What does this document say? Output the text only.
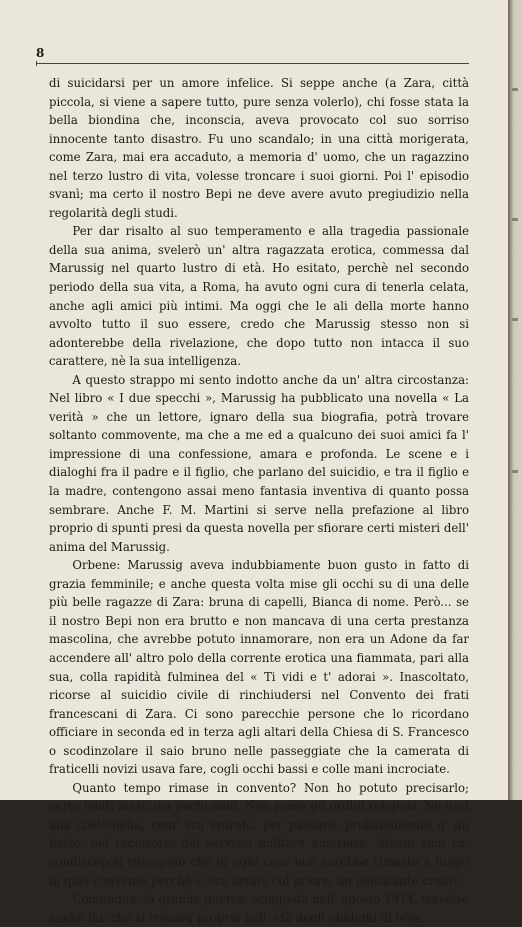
8

di suicidarsi per un amore infelice. Si seppe anche (a Zara, città piccola, si viene a sapere tutto, pure senza volerlo), chi fosse stata la bella biondina che, inconscia, aveva provocato col suo sorriso innocente tanto disastro. Fu uno scandalo; in una città morigerata, come Zara, mai era accaduto, a memoria d' uomo, che un ragazzino nel terzo lustro di vita, volesse troncare i suoi giorni. Poi l' episodio svanì; ma certo il nostro Bepi ne deve avere avuto pregiudizio nella regolarità degli studi.

Per dar risalto al suo temperamento e alla tragedia passionale della sua anima, svelerò un' altra ragazzata erotica, commessa dal Marussig nel quarto lustro di età. Ho esitato, perchè nel secondo periodo della sua vita, a Roma, ha avuto ogni cura di tenerla celata, anche agli amici più intimi. Ma oggi che le ali della morte hanno avvolto tutto il suo essere, credo che Marussig stesso non si adonterebbe della rivelazione, che dopo tutto non intacca il suo carattere, nè la sua intelligenza.

A questo strappo mi sento indotto anche da un' altra circostanza: Nel libro « I due specchi », Marussig ha pubblicato una novella « La verità » che un lettore, ignaro della sua biografia, potrà trovare soltanto commovente, ma che a me ed a qualcuno dei suoi amici fa l' impressione di una confessione, amara e profonda. Le scene e i dialoghi fra il padre e il figlio, che parlano del suicidio, e tra il figlio e la madre, contengono assai meno fantasia inventiva di quanto possa sembrare. Anche F. M. Martini si serve nella prefazione al libro proprio di spunti presi da questa novella per sfiorare certi misteri dell' anima del Marussig.

Orbene: Marussig aveva indubbiamente buon gusto in fatto di grazia femminile; e anche questa volta mise gli occhi su di una delle più belle ragazze di Zara: bruna di capelli, Bianca di nome. Però... se il nostro Bepi non era brutto e non mancava di una certa prestanza mascolina, che avrebbe potuto innamorare, non era un Adone da far accendere all' altro polo della corrente erotica una fiammata, pari alla sua, colla rapidità fulminea del « Ti vidi e t' adorai ». Inascoltato, ricorse al suicidio civile di rinchiudersi nel Convento dei frati francescani di Zara. Ci sono parecchie persone che lo ricordano officiare in seconda ed in terza agli altari della Chiesa di S. Francesco o scodinzolare il saio bruno nelle passeggiate che la camerata di fraticelli novizi usava fare, cogli occhi bassi e colle mani incrociate.

Quanto tempo rimase in convento? Non ho potuto precisarlo; certo molti mesi, ma pochi anni. Non prese gli ordini religiosi. Ne uscì alla chetichella, com' era entrato, per passare, probabilmente d' un balzo, nel reclusorio del servizio militare austriaco. Alcuni suoi ex-condiscepoli ritengono che in ogni caso non sarebbe rimasto a lungo in quel convento perchè s' era urtato col priore, un politicante croato.

Comunque, la grande guerra, scoppiata nell' agosto 1914, travolse anche lui, che si trovava proprio nell' età degli obblighi di leva.
